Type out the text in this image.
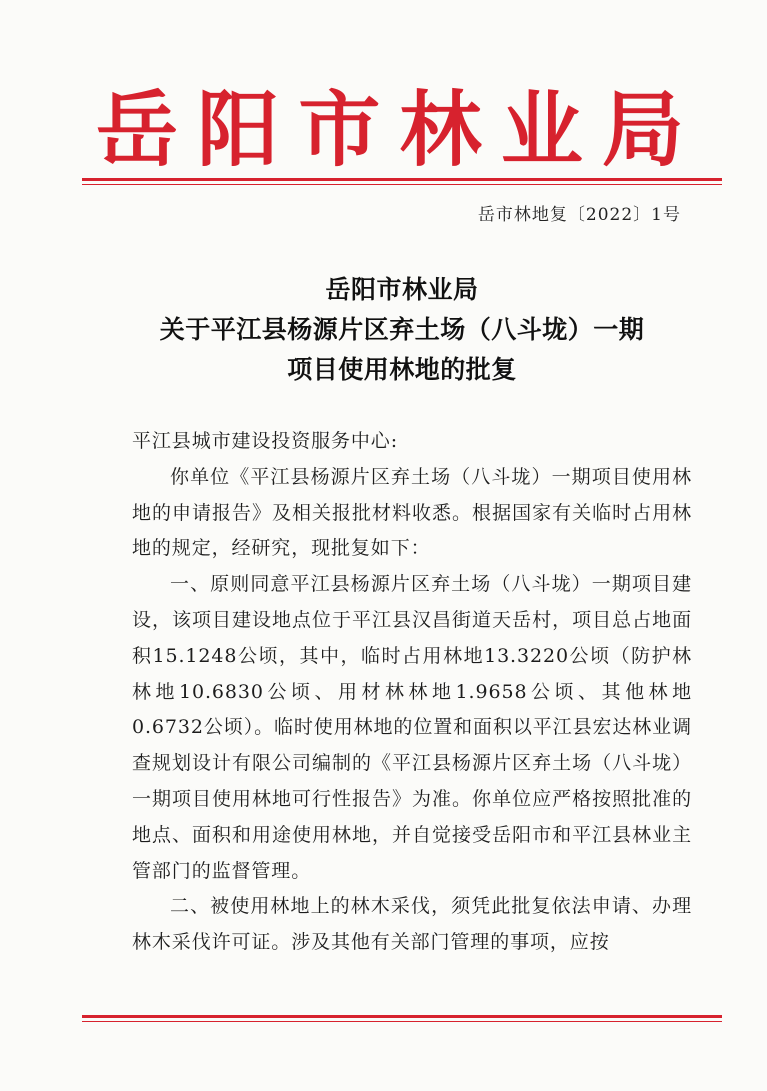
岳 阳 市 林 业 局
岳市林地复〔2022〕1号
岳阳市林业局
关于平江县杨源片区弃土场（八斗垅）一期
项目使用林地的批复

平江县城市建设投资服务中心:

你单位《平江县杨源片区弃土场（八斗垅）一期项目使用林地的申请报告》及相关报批材料收悉。根据国家有关临时占用林地的规定，经研究，现批复如下：

一、原则同意平江县杨源片区弃土场（八斗垅）一期项目建设，该项目建设地点位于平江县汉昌街道天岳村，项目总占地面积15.1248公顷，其中，临时占用林地13.3220公顷（防护林林地10.6830公顷、用材林林地1.9658公顷、其他林地0.6732公顷）。临时使用林地的位置和面积以平江县宏达林业调查规划设计有限公司编制的《平江县杨源片区弃土场（八斗垅）一期项目使用林地可行性报告》为准。你单位应严格按照批准的地点、面积和用途使用林地，并自觉接受岳阳市和平江县林业主管部门的监督管理。

二、被使用林地上的林木采伐，须凭此批复依法申请、办理林木采伐许可证。涉及其他有关部门管理的事项，应按
